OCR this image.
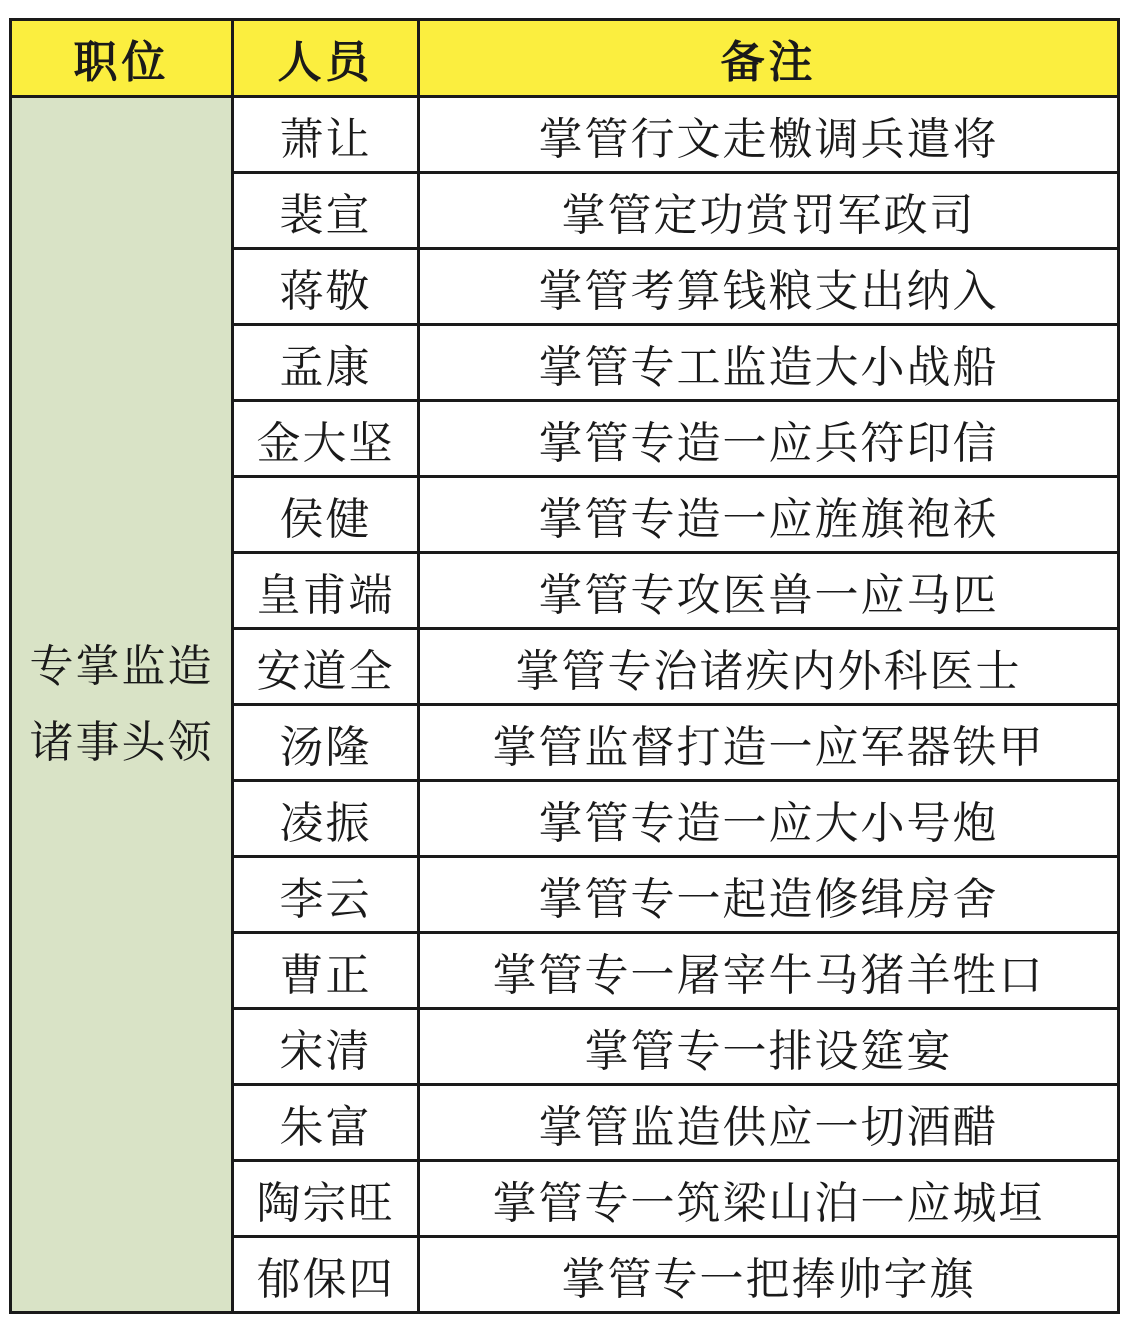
职位	人员	备注

专掌监造
诸事头领	萧让	掌管行文走檄调兵遣将
	裴宣	掌管定功赏罚军政司
	蒋敬	掌管考算钱粮支出纳入
	孟康	掌管专工监造大小战船
	金大坚	掌管专造一应兵符印信
	侯健	掌管专造一应旌旗袍袄
	皇甫端	掌管专攻医兽一应马匹
	安道全	掌管专治诸疾内外科医士
	汤隆	掌管监督打造一应军器铁甲
	凌振	掌管专造一应大小号炮
	李云	掌管专一起造修缉房舍
	曹正	掌管专一屠宰牛马猪羊牲口
	宋清	掌管专一排设筵宴
	朱富	掌管监造供应一切酒醋
	陶宗旺	掌管专一筑梁山泊一应城垣
	郁保四	掌管专一把捧帅字旗
